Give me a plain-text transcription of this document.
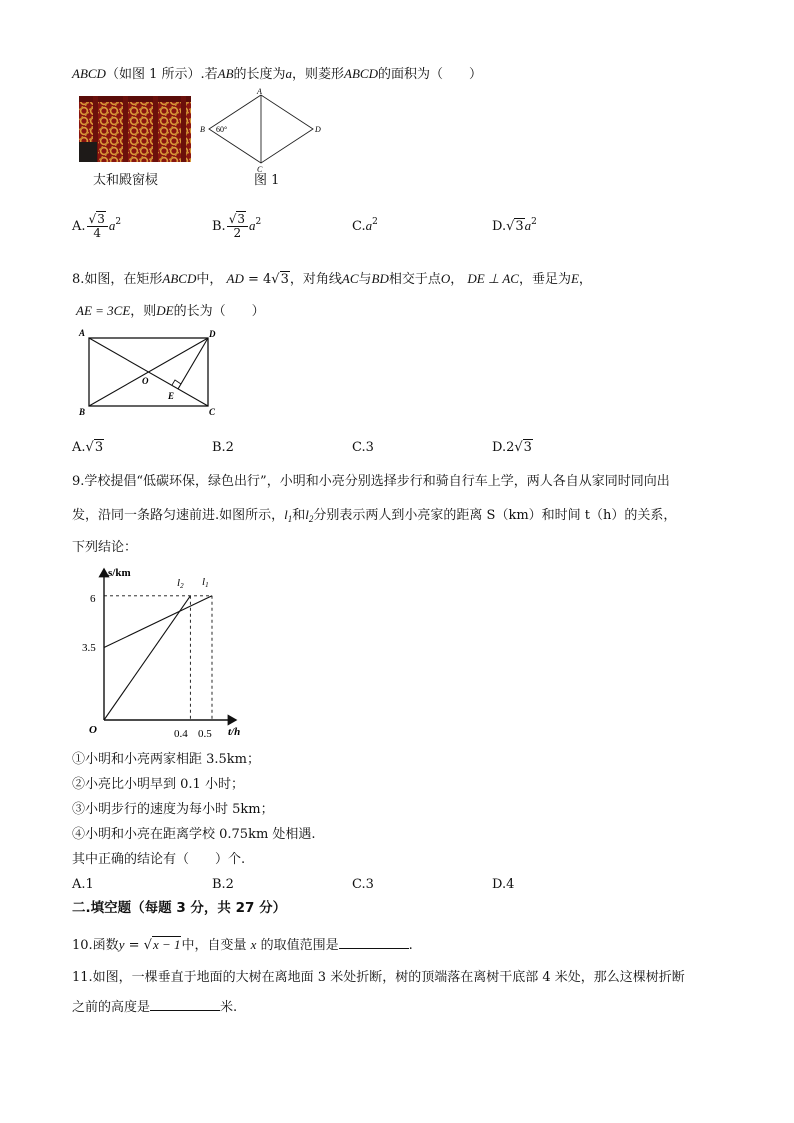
ABCD（如图 1 所示）.若AB的长度为a，则菱形ABCD的面积为（　　）
太和殿窗棂
A
B
C
D
60°
图 1
A. $\frac{√3}{4} a^2$	B. $\frac{√3}{2} a^2$	$C.a^2$	$D.√3a^2$
8.如图，在矩形ABCD中， AD = 4√3，对角线AC与BD相交于点O， DE ⊥ AC，垂足为E，
AE = 3CE，则DE的长为（　　）
A	D
B	C
O
E
A.√3	B.2	C.3	D.2√3
9.学校提倡“低碳环保，绿色出行”，小明和小亮分别选择步行和骑自行车上学，两人各自从家同时同向出
发，沿同一条路匀速前进.如图所示，$l_1$和$l_2$分别表示两人到小亮家的距离 S（km）和时间 t（h）的关系，
下列结论：
s/km
t/h
O
6
3.5
0.4 0.5
l2 l1
①小明和小亮两家相距 3.5km；
②小亮比小明早到 0.1 小时；
③小明步行的速度为每小时 5km；
④小明和小亮在距离学校 0.75km 处相遇.
其中正确的结论有（　　）个.
A.1	B.2	C.3	D.4
二.填空题（每题 3 分，共 27 分）
10.函数y = √x − 1中，自变量 x 的取值范围是	.
11.如图，一棵垂直于地面的大树在离地面 3 米处折断，树的顶端落在离树干底部 4 米处，那么这棵树折断
之前的高度是	米.
